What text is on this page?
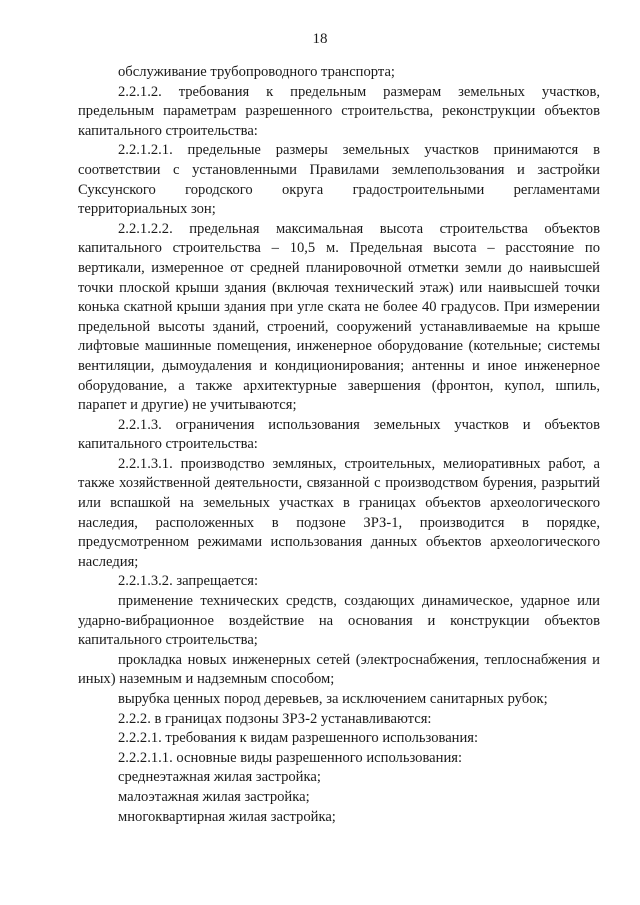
18

обслуживание трубопроводного транспорта;

2.2.1.2. требования к предельным размерам земельных участков, предельным параметрам разрешенного строительства, реконструкции объектов капитального строительства:

2.2.1.2.1. предельные размеры земельных участков принимаются в соответствии с установленными Правилами землепользования и застройки Суксунского городского округа градостроительными регламентами территориальных зон;

2.2.1.2.2. предельная максимальная высота строительства объектов капитального строительства – 10,5 м. Предельная высота – расстояние по вертикали, измеренное от средней планировочной отметки земли до наивысшей точки плоской крыши здания (включая технический этаж) или наивысшей точки конька скатной крыши здания при угле ската не более 40 градусов. При измерении предельной высоты зданий, строений, сооружений устанавливаемые на крыше лифтовые машинные помещения, инженерное оборудование (котельные; системы вентиляции, дымоудаления и кондиционирования; антенны и иное инженерное оборудование, а также архитектурные завершения (фронтон, купол, шпиль, парапет и другие) не учитываются;

2.2.1.3. ограничения использования земельных участков и объектов капитального строительства:

2.2.1.3.1. производство земляных, строительных, мелиоративных работ, а также хозяйственной деятельности, связанной с производством бурения, разрытий или вспашкой на земельных участках в границах объектов археологического наследия, расположенных в подзоне ЗРЗ-1, производится в порядке, предусмотренном режимами использования данных объектов археологического наследия;

2.2.1.3.2. запрещается:

применение технических средств, создающих динамическое, ударное или ударно-вибрационное воздействие на основания и конструкции объектов капитального строительства;

прокладка новых инженерных сетей (электроснабжения, теплоснабжения и иных) наземным и надземным способом;

вырубка ценных пород деревьев, за исключением санитарных рубок;

2.2.2. в границах подзоны ЗРЗ-2 устанавливаются:

2.2.2.1. требования к видам разрешенного использования:

2.2.2.1.1. основные виды разрешенного использования:

среднеэтажная жилая застройка;

малоэтажная жилая застройка;

многоквартирная жилая застройка;
